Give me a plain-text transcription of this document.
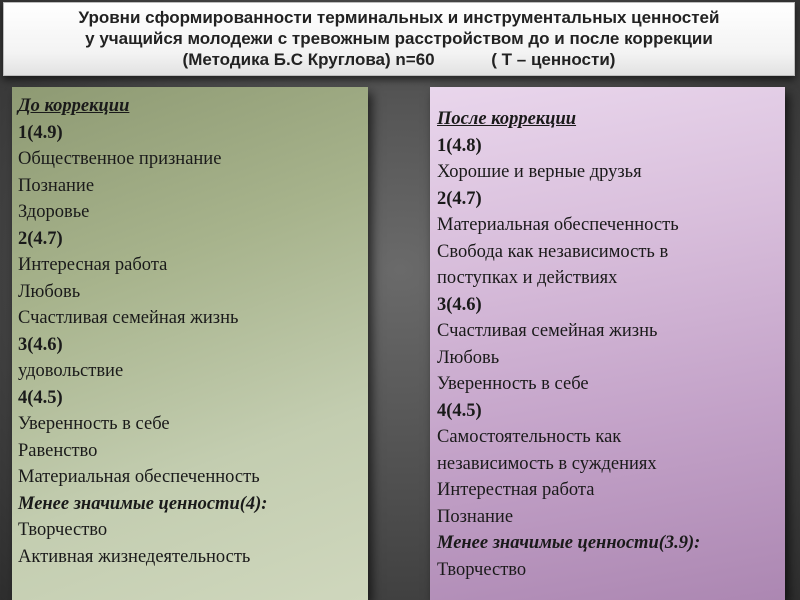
Уровни сформированности терминальных и инструментальных ценностей
у учащийся молодежи с тревожным расстройством до и после коррекции
(Методика Б.С Круглова) n=60            ( Т – ценности)
До коррекции
1(4.9)
Общественное признание
Познание
Здоровье
2(4.7)
Интересная работа
Любовь
Счастливая семейная жизнь
3(4.6)
удовольствие
4(4.5)
Уверенность в себе
Равенство
Материальная обеспеченность
Менее значимые ценности(4):
Творчество
Активная жизнедеятельность
После коррекции
1(4.8)
Хорошие и верные друзья
2(4.7)
Материальная обеспеченность
Свобода как независимость в
поступках и действиях
3(4.6)
Счастливая семейная жизнь
Любовь
Уверенность в себе
4(4.5)
Самостоятельность как
независимость в суждениях
Интерестная работа
Познание
Менее значимые ценности(3.9):
Творчество
